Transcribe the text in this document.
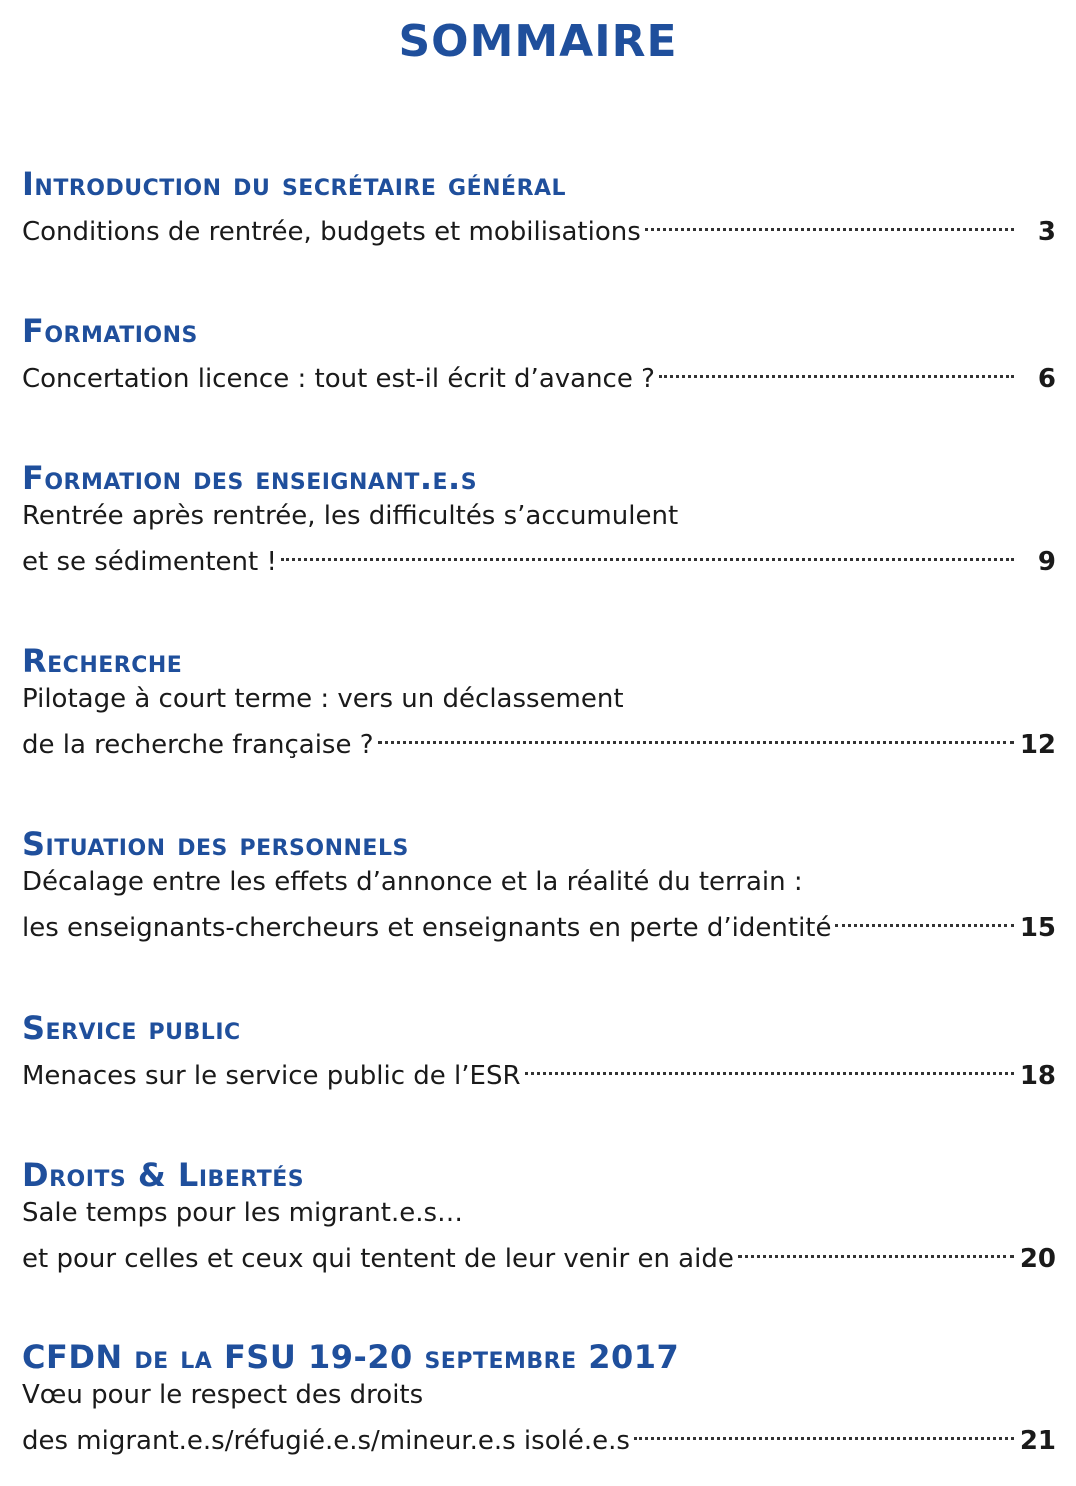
SOMMAIRE
Introduction du secrétaire général
Conditions de rentrée, budgets et mobilisations	3
Formations
Concertation licence : tout est-il écrit d’avance ?	6
Formation des enseignant.e.s
Rentrée après rentrée, les difficultés s’accumulent
et se sédimentent !	9
Recherche
Pilotage à court terme : vers un déclassement
de la recherche française ?	12
Situation des personnels
Décalage entre les effets d’annonce et la réalité du terrain :
les enseignants-chercheurs et enseignants en perte d’identité	15
Service public
Menaces sur le service public de l’ESR	18
Droits & Libertés
Sale temps pour les migrant.e.s…
et pour celles et ceux qui tentent de leur venir en aide	20
CFDN de la FSU 19-20 septembre 2017
Vœu pour le respect des droits
des migrant.e.s/réfugié.e.s/mineur.e.s isolé.e.s	21
